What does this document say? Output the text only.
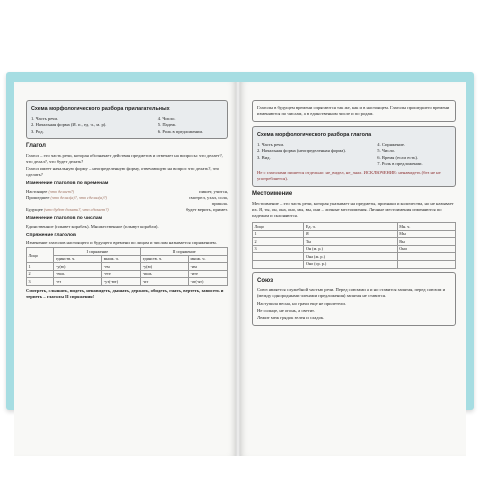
Схема морфологического разбора прилагательных
1. Часть речи.
2. Начальная форма (И. п., ед. ч., м. р).
3. Род.
4. Число.
5. Падеж.
6. Роль в предложении.
Глагол

Глагол – это часть речи, которая обозначает действия предметов и отвечает на вопросы: что делает?, что делал?, что будет делать?

Глагол имеет начальную форму – неопределенную форму, отвечающую на вопрос что делать?, что сделать?

Изменение глаголов по временам
Настоящее (что делает?)	пишет, учится,
Прошедшее (что делал(а)?, что сделал(а)?)	смотрел, ухал, сола,
пришла.
Будущее (что будет делать?, что сделает?)	будет верить, примет.
Изменение глаголов по числам

Единственное (плывет кораблъ). Множественное (плывут корабли).

Спряжение глаголов

Изменение глаголов настоящего и будущего времени по лицам и числам называется спряжением.

Лицо	I спряжение		II спряжение	
	единств. ч.	множ. ч.	единств. ч.	множ. ч.
1	-у(ю)	-ем	-у(ю)	-им
2	-ешь	-ете	-ишь	-ите
3	-ет	-ут(-ют)	-ит	-ат(-ят)

Смотреть, слышать, видеть, ненавидеть, дышать, держать, обидеть, гнать, вертеть, зависеть и терпеть – глаголы II спряжения!

Глаголы в будущем времени спрягаются так же, как и в настоящем. Глаголы прошедшего времени изменяются по числам, а в единственном числе и по родам.

Схема морфологического разбора глагола
1. Часть речи.
2. Начальная форма (неопределенная форма).
3. Вид.
4. Спряжение.
5. Число.
6. Время (если есть).
7. Роль в предложении.

Не с глаголами пишется отдельно: не_видел, не_знал. ИСКЛЮЧЕНИЕ: ненавидеть (без не не употребляется).

Местоимение

Местоимение – это часть речи, которая указывает на предметы, признаки и количества, но не называет их. Я, ты, он, она, оно, мы, вы, они – личные местоимения. Личные местоимения изменяются по падежам и склоняются.

Лицо	Ед. ч.	Мн. ч.
1	Я	Мы
2	Ты	Вы
3	Он (м. р.)	Они
	Она (ж. р.)	
	Оно (ср. р.)	
Союз

Союз является служебной частью речи. Перед союзами а и но ставится запятая, перед союзом и (между однородными членами предложения) запятая не ставится.

Наступила весна, но грачи еще не прилетели.

Не солнце, не огонь, а светит.

Лежит меж грядок зелен и сладок.
